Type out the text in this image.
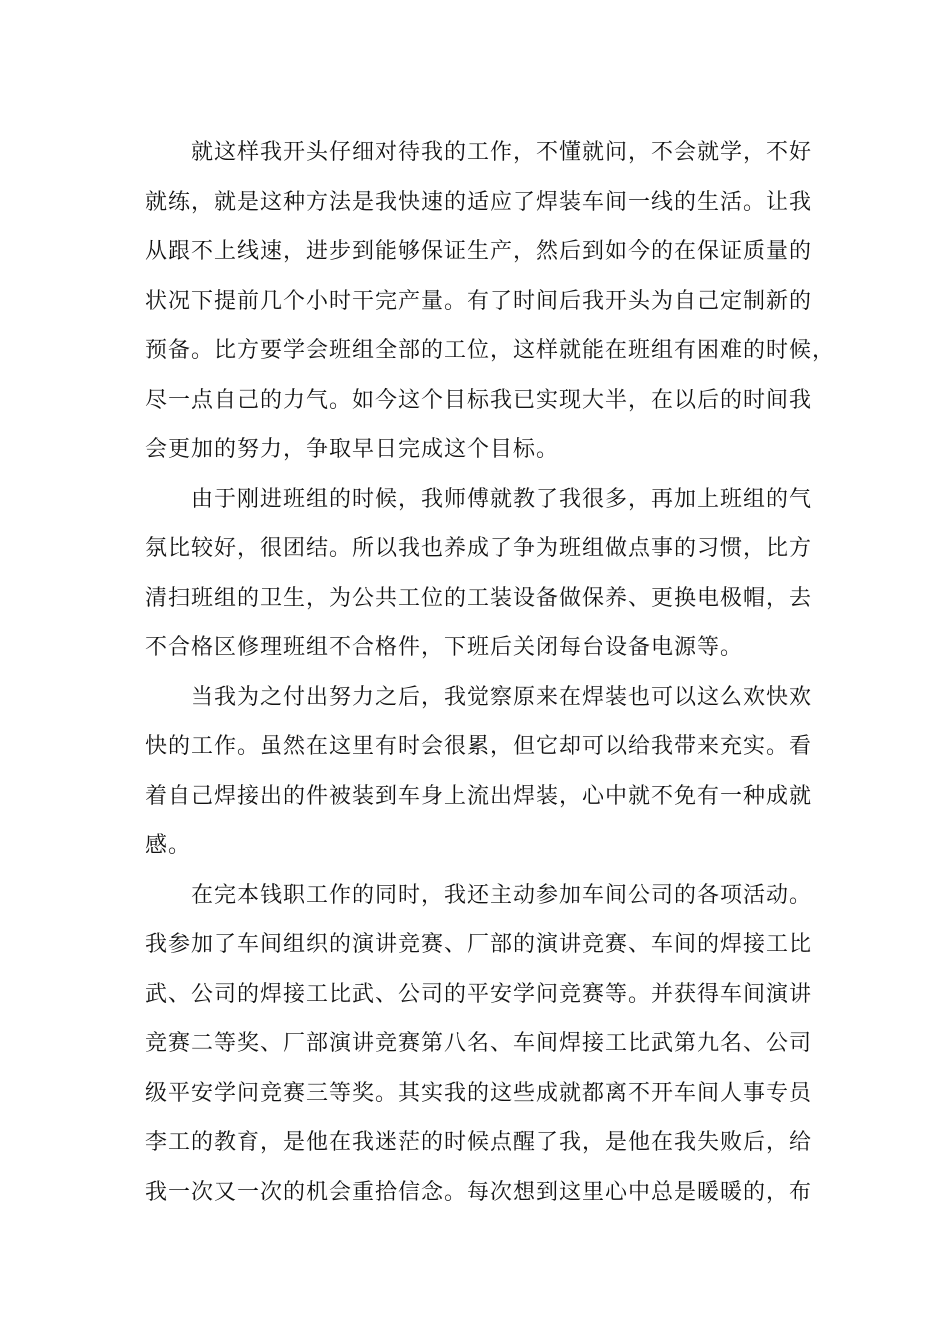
就这样我开头仔细对待我的工作，不懂就问，不会就学，不好
就练，就是这种方法是我快速的适应了焊装车间一线的生活。让我
从跟不上线速，进步到能够保证生产，然后到如今的在保证质量的
状况下提前几个小时干完产量。有了时间后我开头为自己定制新的
预备。比方要学会班组全部的工位，这样就能在班组有困难的时候，
尽一点自己的力气。如今这个目标我已实现大半，在以后的时间我
会更加的努力，争取早日完成这个目标。
由于刚进班组的时候，我师傅就教了我很多，再加上班组的气
氛比较好，很团结。所以我也养成了争为班组做点事的习惯，比方
清扫班组的卫生，为公共工位的工装设备做保养、更换电极帽，去
不合格区修理班组不合格件，下班后关闭每台设备电源等。
当我为之付出努力之后，我觉察原来在焊装也可以这么欢快欢
快的工作。虽然在这里有时会很累，但它却可以给我带来充实。看
着自己焊接出的件被装到车身上流出焊装，心中就不免有一种成就
感。
在完本钱职工作的同时，我还主动参加车间公司的各项活动。
我参加了车间组织的演讲竞赛、厂部的演讲竞赛、车间的焊接工比
武、公司的焊接工比武、公司的平安学问竞赛等。并获得车间演讲
竞赛二等奖、厂部演讲竞赛第八名、车间焊接工比武第九名、公司
级平安学问竞赛三等奖。其实我的这些成就都离不开车间人事专员
李工的教育，是他在我迷茫的时候点醒了我，是他在我失败后，给
我一次又一次的机会重拾信念。每次想到这里心中总是暖暖的，布
